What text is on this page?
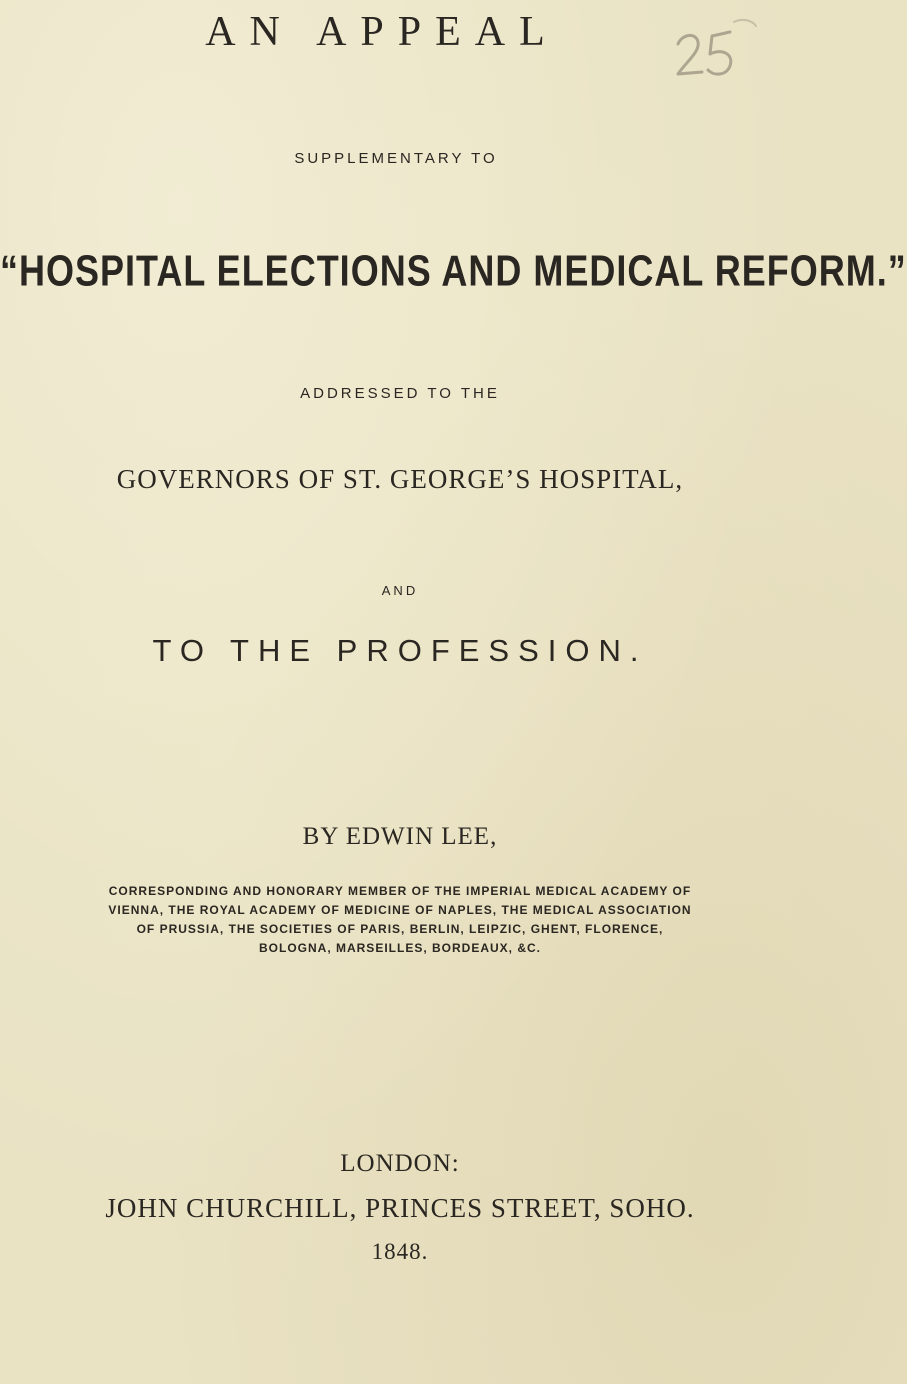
AN APPEAL
SUPPLEMENTARY TO
“HOSPITAL ELECTIONS AND MEDICAL REFORM.”
ADDRESSED TO THE
GOVERNORS OF ST. GEORGE’S HOSPITAL,
AND
TO THE PROFESSION.
BY EDWIN LEE,
CORRESPONDING AND HONORARY MEMBER OF THE IMPERIAL MEDICAL ACADEMY OF
VIENNA, THE ROYAL ACADEMY OF MEDICINE OF NAPLES, THE MEDICAL ASSOCIATION
OF PRUSSIA, THE SOCIETIES OF PARIS, BERLIN, LEIPZIC, GHENT, FLORENCE,
BOLOGNA, MARSEILLES, BORDEAUX, &C.
LONDON:
JOHN CHURCHILL, PRINCES STREET, SOHO.
1848.
